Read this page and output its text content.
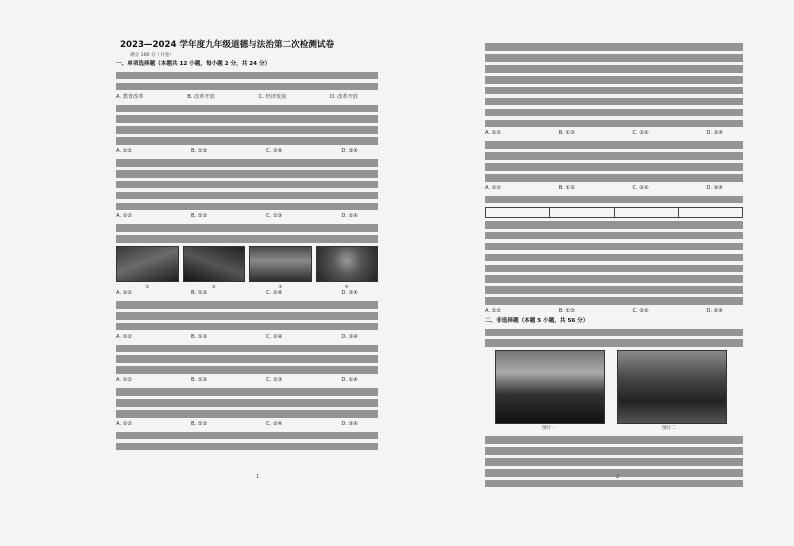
2023—2024 学年度九年级道德与法治第二次检测试卷
满分 100 分（开卷）
一、单项选择题（本题共 12 小题，每小题 2 分，共 24 分）
A. 教育改革	B. 改革开放	C. 经济发展	D. 改革开放
A. ①②	B. ①③	C. ②④	D. ③④
A. ①②	B. ①③	C. ②③	D. ②④
①	②	③	④
A. ①②	B. ①③	C. ②④	D. ③④
A. ①②	B. ①③	C. ②④	D. ③④
A. ①②	B. ①③	C. ②③	D. ②④
A. ①②	B. ①③	C. ②④	D. ③④
1
A. ①②	B. ①③	C. ②④	D. ③④
A. ①②	B. ①③	C. ②④	D. ③④

A. ①②	B. ①③	C. ②④	D. ③④
二、非选择题（本题 5 小题，共 56 分）
图片一	图片二
2
